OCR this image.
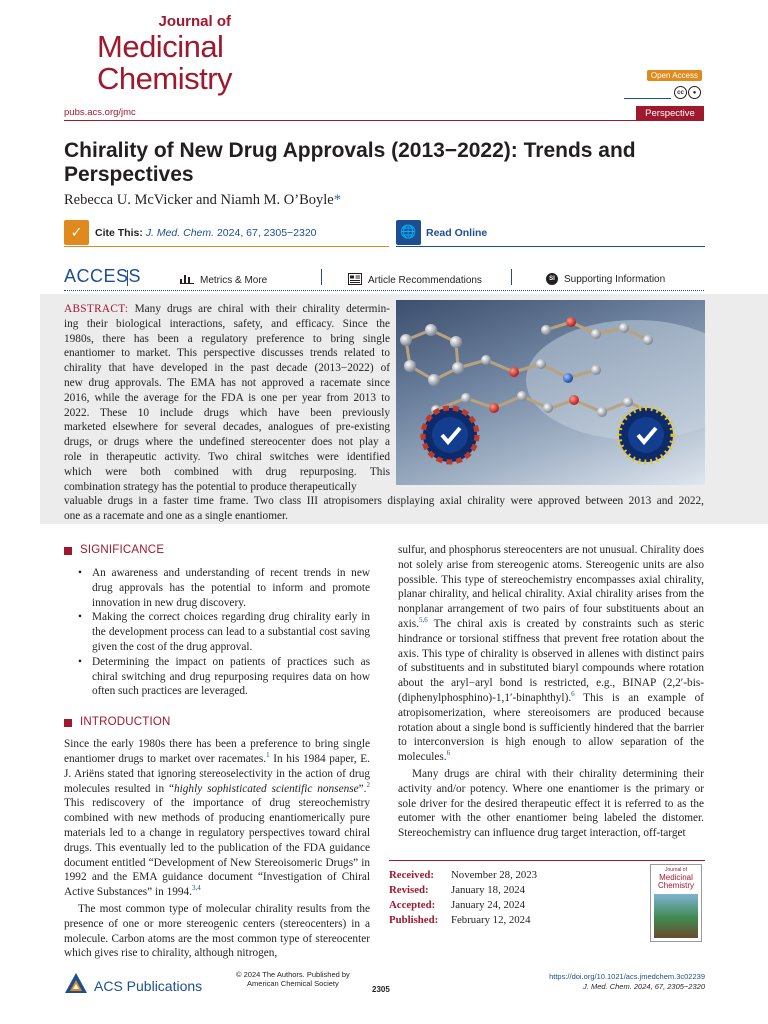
Journal of
Medicinal
Chemistry	Open Access
cc	●
pubs.acs.org/jmc	Perspective
Chirality of New Drug Approvals (2013−2022): Trends and Perspectives
Rebecca U. McVicker and Niamh M. O’Boyle*
✓	Cite This: J. Med. Chem. 2024, 67, 2305−2320	🌐 Read Online
ACCESS	Metrics & More	Article Recommendations	SI Supporting Information
ABSTRACT: Many drugs are chiral with their chirality determin-
ing their biological interactions, safety, and efficacy. Since the
1980s, there has been a regulatory preference to bring single
enantiomer to market. This perspective discusses trends related to
chirality that have developed in the past decade (2013−2022) of
new drug approvals. The EMA has not approved a racemate since
2016, while the average for the FDA is one per year from 2013 to
2022. These 10 include drugs which have been previously
marketed elsewhere for several decades, analogues of pre-existing
drugs, or drugs where the undefined stereocenter does not play a
role in therapeutic activity. Two chiral switches were identified
which were both combined with drug repurposing. This
combination strategy has the potential to produce therapeutically
valuable drugs in a faster time frame. Two class III atropisomers displaying axial chirality were approved between 2013 and 2022,
one as a racemate and one as a single enantiomer.
SIGNIFICANCE
• An awareness and understanding of recent trends in new drug approvals has the potential to inform and promote innovation in new drug discovery.
• Making the correct choices regarding drug chirality early in the development process can lead to a substantial cost saving given the cost of the drug approval.
• Determining the impact on patients of practices such as chiral switching and drug repurposing requires data on how often such practices are leveraged.
INTRODUCTION

Since the early 1980s there has been a preference to bring single enantiomer drugs to market over racemates.$^1$ In his 1984 paper, E. J. Ariëns stated that ignoring stereoselectivity in the action of drug molecules resulted in “highly sophisticated scientific nonsense”.$^2$ This rediscovery of the importance of drug stereochemistry combined with new methods of producing enantiomerically pure materials led to a change in regulatory perspectives toward chiral drugs. This eventually led to the publication of the FDA guidance document entitled “Development of New Stereoisomeric Drugs” in 1992 and the EMA guidance document “Investigation of Chiral Active Substances” in 1994.$^{3,4}$

The most common type of molecular chirality results from the presence of one or more stereogenic centers (stereocenters) in a molecule. Carbon atoms are the most common type of stereocenter which gives rise to chirality, although nitrogen,

sulfur, and phosphorus stereocenters are not unusual. Chirality does not solely arise from stereogenic atoms. Stereogenic units are also possible. This type of stereochemistry encompasses axial chirality, planar chirality, and helical chirality. Axial chirality arises from the nonplanar arrangement of two pairs of four substituents about an axis.$^{5,6}$ The chiral axis is created by constraints such as steric hindrance or torsional stiffness that prevent free rotation about the axis. This type of chirality is observed in allenes with distinct pairs of substituents and in substituted biaryl compounds where rotation about the aryl−aryl bond is restricted, e.g., BINAP (2,2′-bis-(diphenylphosphino)-1,1′-binaphthyl).$^6$ This is an example of atropisomerization, where stereoisomers are produced because rotation about a single bond is sufficiently hindered that the barrier to interconversion is high enough to allow separation of the molecules.$^6$

Many drugs are chiral with their chirality determining their activity and/or potency. Where one enantiomer is the primary or sole driver for the desired therapeutic effect it is referred to as the eutomer with the other enantiomer being labeled the distomer. Stereochemistry can influence drug target interaction, off-target

Received:	November 28, 2023
Revised:	January 18, 2024
Accepted:	January 24, 2024
Published:	February 12, 2024
Journal of
Medicinal
Chemistry
ACS Publications
© 2024 The Authors. Published by
American Chemical Society
2305
https://doi.org/10.1021/acs.jmedchem.3c02239
J. Med. Chem. 2024, 67, 2305−2320
